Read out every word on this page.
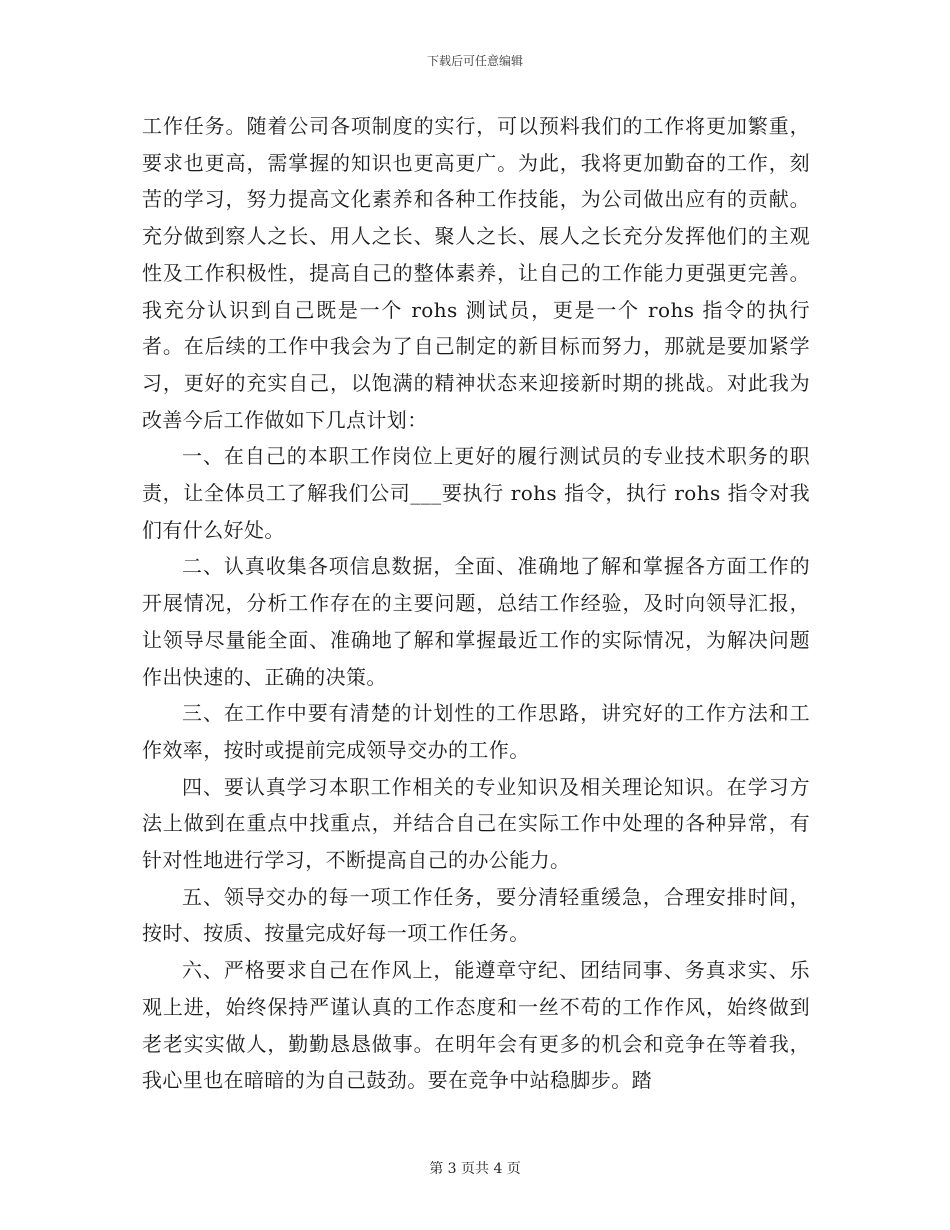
下载后可任意编辑

工作任务。随着公司各项制度的实行，可以预料我们的工作将更加繁重，要求也更高，需掌握的知识也更高更广。为此，我将更加勤奋的工作，刻苦的学习，努力提高文化素养和各种工作技能，为公司做出应有的贡献。充分做到察人之长、用人之长、聚人之长、展人之长充分发挥他们的主观性及工作积极性，提高自己的整体素养，让自己的工作能力更强更完善。我充分认识到自己既是一个 rohs 测试员，更是一个 rohs 指令的执行者。在后续的工作中我会为了自己制定的新目标而努力，那就是要加紧学习，更好的充实自己，以饱满的精神状态来迎接新时期的挑战。对此我为改善今后工作做如下几点计划：

一、在自己的本职工作岗位上更好的履行测试员的专业技术职务的职责，让全体员工了解我们公司___要执行 rohs 指令，执行 rohs 指令对我们有什么好处。

二、认真收集各项信息数据，全面、准确地了解和掌握各方面工作的开展情况，分析工作存在的主要问题，总结工作经验，及时向领导汇报，让领导尽量能全面、准确地了解和掌握最近工作的实际情况，为解决问题作出快速的、正确的决策。

三、在工作中要有清楚的计划性的工作思路，讲究好的工作方法和工作效率，按时或提前完成领导交办的工作。

四、要认真学习本职工作相关的专业知识及相关理论知识。在学习方法上做到在重点中找重点，并结合自己在实际工作中处理的各种异常，有针对性地进行学习，不断提高自己的办公能力。

五、领导交办的每一项工作任务，要分清轻重缓急，合理安排时间，按时、按质、按量完成好每一项工作任务。

六、严格要求自己在作风上，能遵章守纪、团结同事、务真求实、乐观上进，始终保持严谨认真的工作态度和一丝不苟的工作作风，始终做到老老实实做人，勤勤恳恳做事。在明年会有更多的机会和竞争在等着我，我心里也在暗暗的为自己鼓劲。要在竞争中站稳脚步。踏

第 3 页共 4 页
